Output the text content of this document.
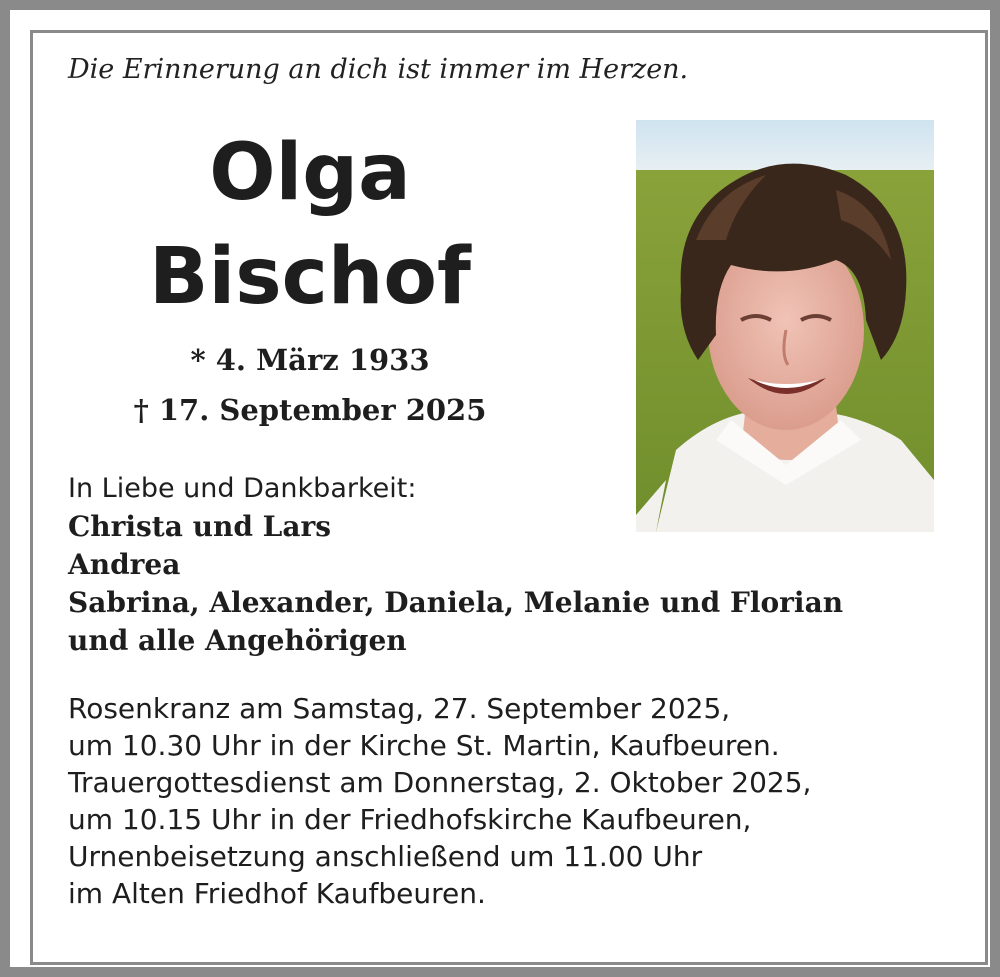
Die Erinnerung an dich ist immer im Herzen.
Olga
Bischof
* 4. März 1933
† 17. September 2025
In Liebe und Dankbarkeit:
Christa und Lars
Andrea
Sabrina, Alexander, Daniela, Melanie und Florian
und alle Angehörigen
Rosenkranz am Samstag, 27. September 2025,
um 10.30 Uhr in der Kirche St. Martin, Kaufbeuren.
Trauergottesdienst am Donnerstag, 2. Oktober 2025,
um 10.15 Uhr in der Friedhofskirche Kaufbeuren,
Urnenbeisetzung anschließend um 11.00 Uhr
im Alten Friedhof Kaufbeuren.
